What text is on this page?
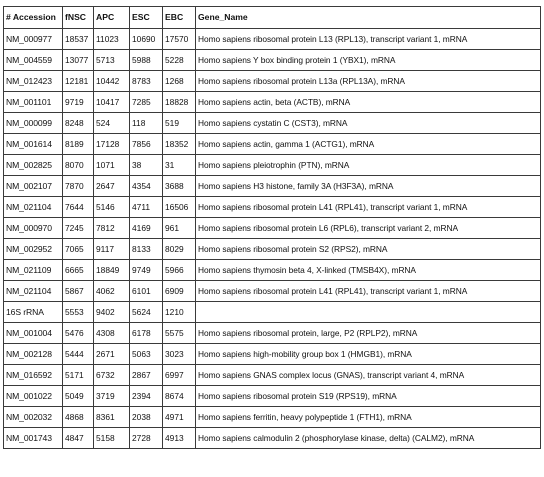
# Accession	fNSC	APC	ESC	EBC	Gene_Name
NM_000977	18537	11023	10690	17570	Homo sapiens ribosomal protein L13 (RPL13), transcript variant 1, mRNA
NM_004559	13077	5713	5988	5228	Homo sapiens Y box binding protein 1 (YBX1), mRNA
NM_012423	12181	10442	8783	1268	Homo sapiens ribosomal protein L13a (RPL13A), mRNA
NM_001101	9719	10417	7285	18828	Homo sapiens actin, beta (ACTB), mRNA
NM_000099	8248	524	118	519	Homo sapiens cystatin C (CST3), mRNA
NM_001614	8189	17128	7856	18352	Homo sapiens actin, gamma 1 (ACTG1), mRNA
NM_002825	8070	1071	38	31	Homo sapiens pleiotrophin (PTN), mRNA
NM_002107	7870	2647	4354	3688	Homo sapiens H3 histone, family 3A (H3F3A), mRNA
NM_021104	7644	5146	4711	16506	Homo sapiens ribosomal protein L41 (RPL41), transcript variant 1, mRNA
NM_000970	7245	7812	4169	961	Homo sapiens ribosomal protein L6 (RPL6), transcript variant 2, mRNA
NM_002952	7065	9117	8133	8029	Homo sapiens ribosomal protein S2 (RPS2), mRNA
NM_021109	6665	18849	9749	5966	Homo sapiens thymosin beta 4, X-linked (TMSB4X), mRNA
NM_021104	5867	4062	6101	6909	Homo sapiens ribosomal protein L41 (RPL41), transcript variant 1, mRNA
16S rRNA	5553	9402	5624	1210	
NM_001004	5476	4308	6178	5575	Homo sapiens ribosomal protein, large, P2 (RPLP2), mRNA
NM_002128	5444	2671	5063	3023	Homo sapiens high-mobility group box 1 (HMGB1), mRNA
NM_016592	5171	6732	2867	6997	Homo sapiens GNAS complex locus (GNAS), transcript variant 4, mRNA
NM_001022	5049	3719	2394	8674	Homo sapiens ribosomal protein S19 (RPS19), mRNA
NM_002032	4868	8361	2038	4971	Homo sapiens ferritin, heavy polypeptide 1 (FTH1), mRNA
NM_001743	4847	5158	2728	4913	Homo sapiens calmodulin 2 (phosphorylase kinase, delta) (CALM2), mRNA
